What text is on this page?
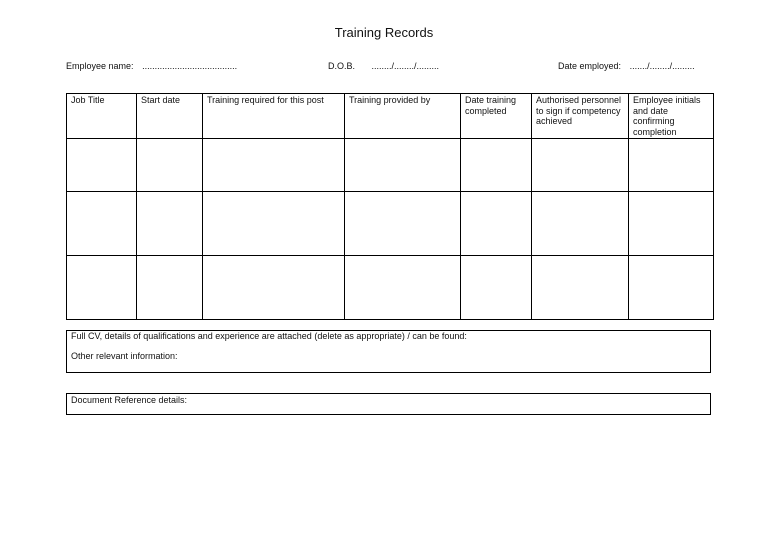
Training Records
Employee name: ......................................	D.O.B. ......../......../.........	Date employed: ......./......../.........
Job Title	Start date	Training required for this post	Training provided by	Date training completed	Authorised personnel to sign if competency achieved	Employee initials and date confirming completion

Full CV, details of qualifications and experience are attached (delete as appropriate) / can be found:

Other relevant information:

Document Reference details:
